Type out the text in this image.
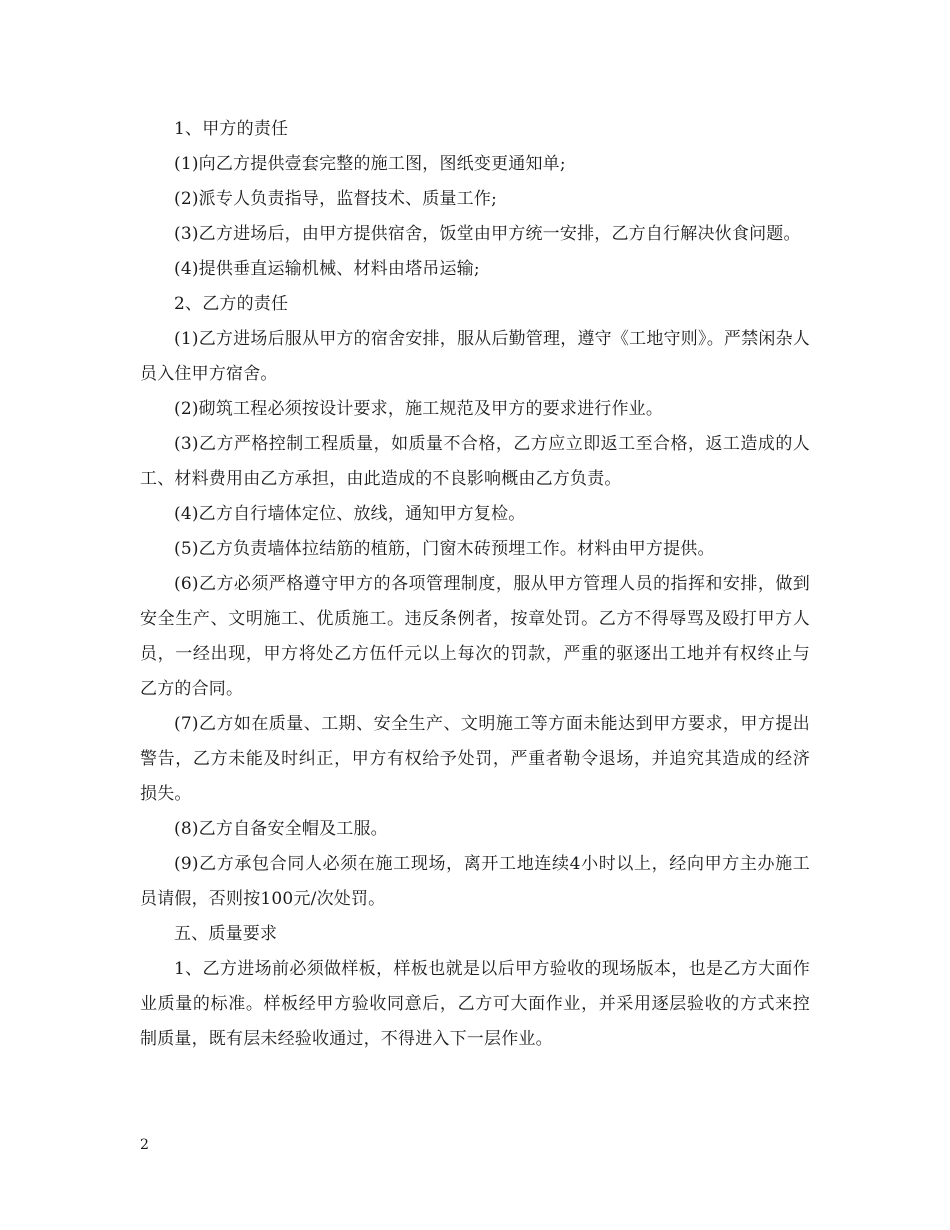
1、甲方的责任

(1)向乙方提供壹套完整的施工图，图纸变更通知单;

(2)派专人负责指导，监督技术、质量工作;

(3)乙方进场后，由甲方提供宿舍，饭堂由甲方统一安排，乙方自行解决伙食问题。

(4)提供垂直运输机械、材料由塔吊运输;

2、乙方的责任

(1)乙方进场后服从甲方的宿舍安排，服从后勤管理，遵守《工地守则》。严禁闲杂人员入住甲方宿舍。

(2)砌筑工程必须按设计要求，施工规范及甲方的要求进行作业。

(3)乙方严格控制工程质量，如质量不合格，乙方应立即返工至合格，返工造成的人工、材料费用由乙方承担，由此造成的不良影响概由乙方负责。

(4)乙方自行墙体定位、放线，通知甲方复检。

(5)乙方负责墙体拉结筋的植筋，门窗木砖预埋工作。材料由甲方提供。

(6)乙方必须严格遵守甲方的各项管理制度，服从甲方管理人员的指挥和安排，做到安全生产、文明施工、优质施工。违反条例者，按章处罚。乙方不得辱骂及殴打甲方人员，一经出现，甲方将处乙方伍仟元以上每次的罚款，严重的驱逐出工地并有权终止与乙方的合同。

(7)乙方如在质量、工期、安全生产、文明施工等方面未能达到甲方要求，甲方提出警告，乙方未能及时纠正，甲方有权给予处罚，严重者勒令退场，并追究其造成的经济损失。

(8)乙方自备安全帽及工服。

(9)乙方承包合同人必须在施工现场，离开工地连续4小时以上，经向甲方主办施工员请假，否则按100元/次处罚。

五、质量要求

1、乙方进场前必须做样板，样板也就是以后甲方验收的现场版本，也是乙方大面作业质量的标准。样板经甲方验收同意后，乙方可大面作业，并采用逐层验收的方式来控制质量，既有层未经验收通过，不得进入下一层作业。

2
